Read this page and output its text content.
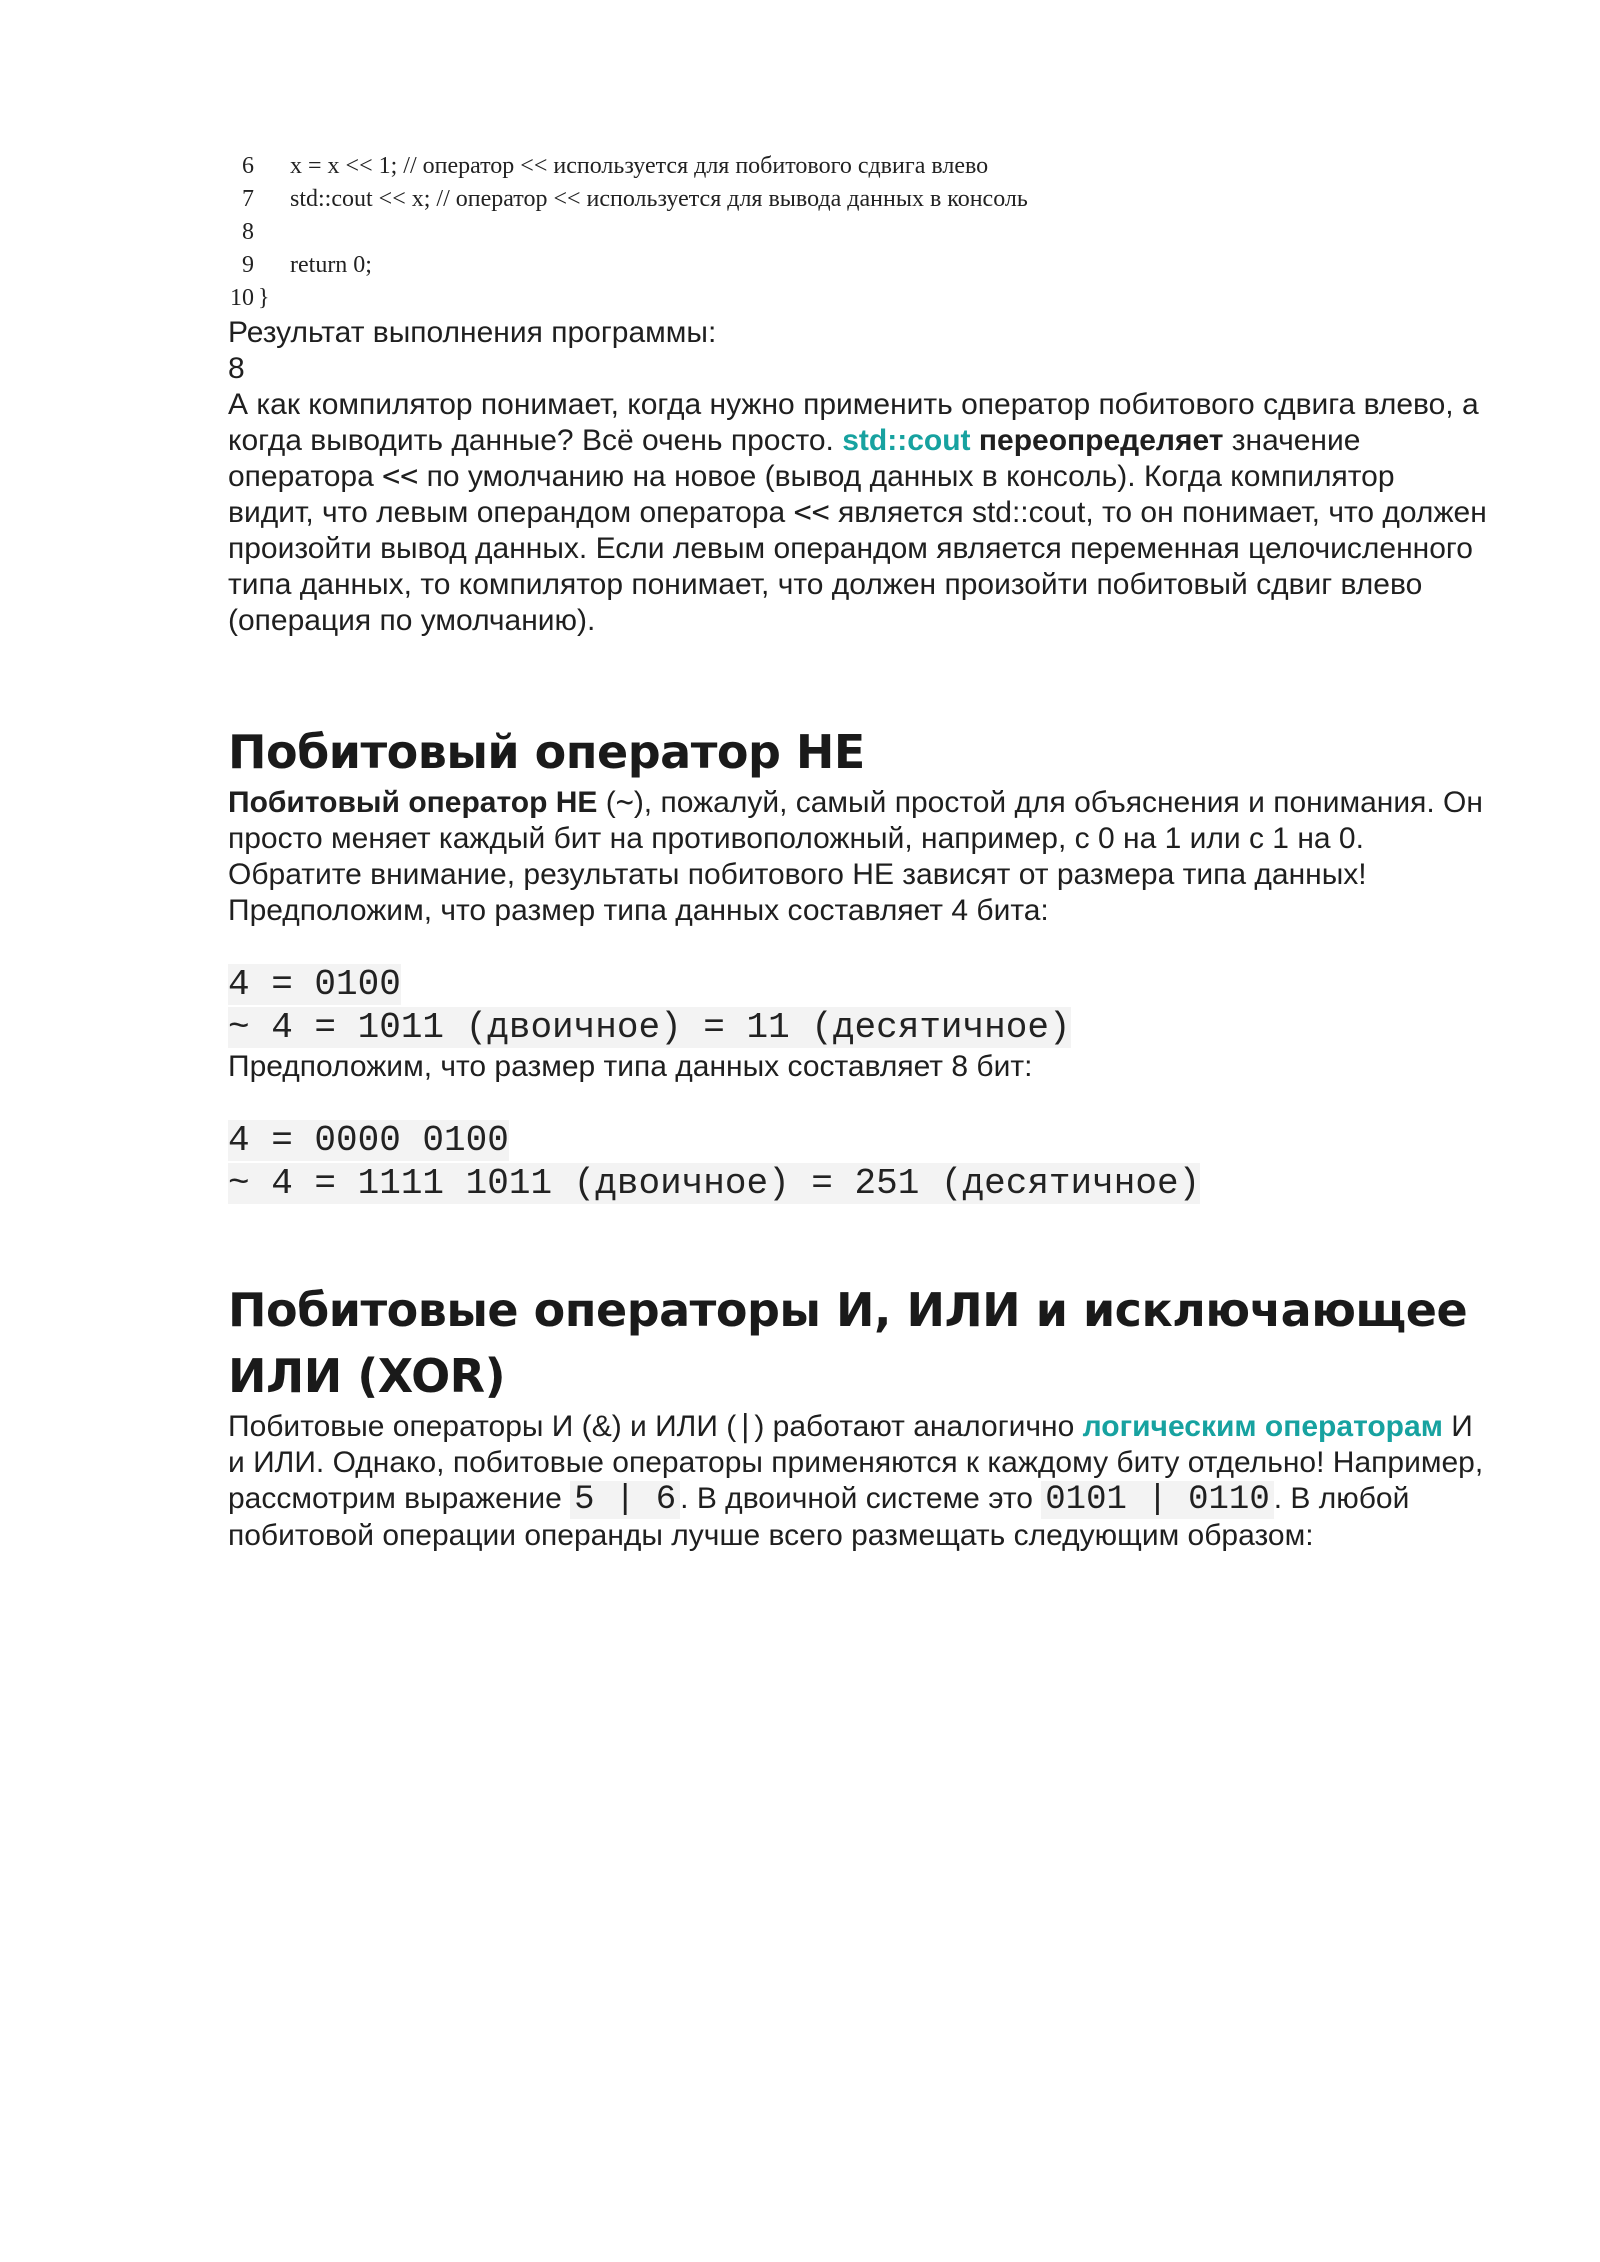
6 x = x << 1; // оператор << используется для побитового сдвига влево
7 std::cout << x; // оператор << используется для вывода данных в консоль
8
9 return 0;
10 }

Результат выполнения программы:

8

А как компилятор понимает, когда нужно применить оператор побитового сдвига влево, а когда выводить данные? Всё очень просто. std::cout переопределяет значение оператора << по умолчанию на новое (вывод данных в консоль). Когда компилятор видит, что левым операндом оператора << является std::cout, то он понимает, что должен произойти вывод данных. Если левым операндом является переменная целочисленного типа данных, то компилятор понимает, что должен произойти побитовый сдвиг влево (операция по умолчанию).

Побитовый оператор НЕ

Побитовый оператор НЕ (~), пожалуй, самый простой для объяснения и понимания. Он просто меняет каждый бит на противоположный, например, с 0 на 1 или с 1 на 0. Обратите внимание, результаты побитового НЕ зависят от размера типа данных!

Предположим, что размер типа данных составляет 4 бита:

4 = 0100
~ 4 = 1011 (двоичное) = 11 (десятичное)

Предположим, что размер типа данных составляет 8 бит:

4 = 0000 0100
~ 4 = 1111 1011 (двоичное) = 251 (десятичное)
Побитовые операторы И, ИЛИ и исключающее ИЛИ (XOR)

Побитовые операторы И (&) и ИЛИ (|) работают аналогично логическим операторам И и ИЛИ. Однако, побитовые операторы применяются к каждому биту отдельно! Например, рассмотрим выражение 5 | 6 . В двоичной системе это 0101 | 0110 . В любой побитовой операции операнды лучше всего размещать следующим образом:
